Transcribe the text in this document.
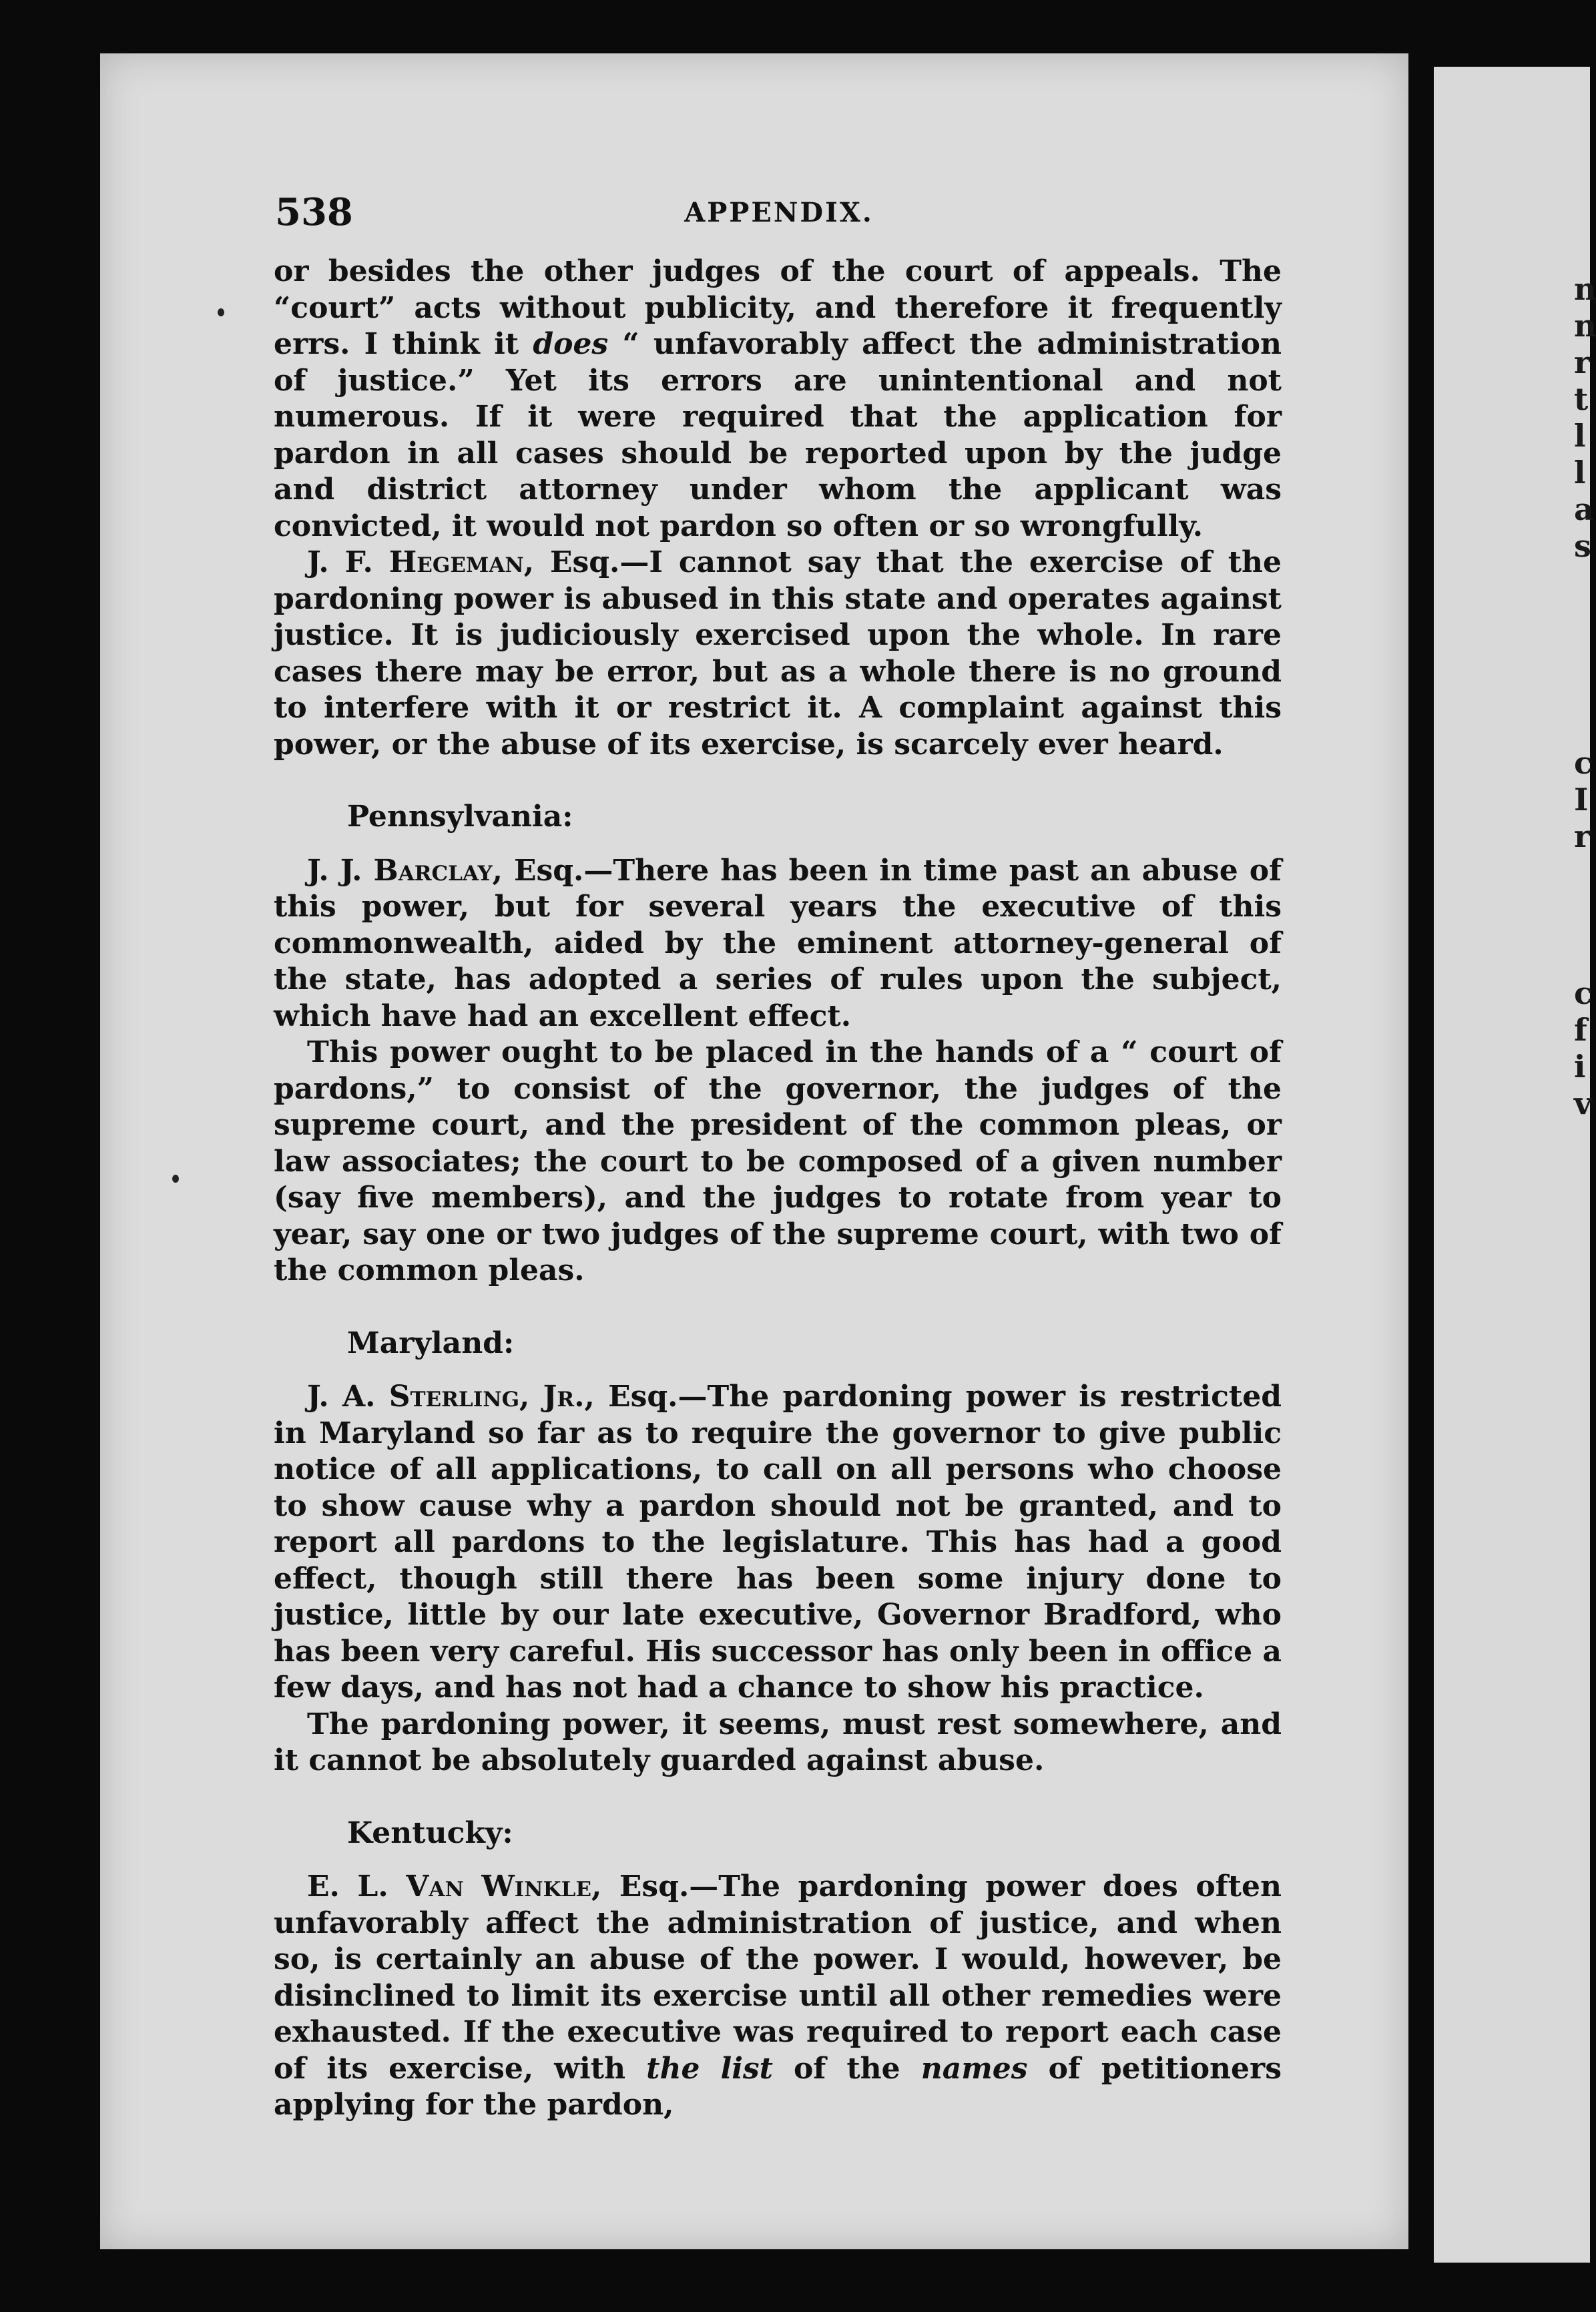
n
n
r
t
l
l
a
s
c
I
r
c
f
i
v
538	APPENDIX.

or besides the other judges of the court of appeals. The “court” acts without publicity, and therefore it frequently errs. I think it does “ unfavorably affect the administration of justice.” Yet its errors are unintentional and not numerous. If it were required that the application for pardon in all cases should be reported upon by the judge and district attorney under whom the applicant was convicted, it would not pardon so often or so wrongfully.

J. F. Hegeman, Esq.—I cannot say that the exercise of the pardoning power is abused in this state and operates against justice. It is judiciously exercised upon the whole. In rare cases there may be error, but as a whole there is no ground to interfere with it or restrict it. A complaint against this power, or the abuse of its exercise, is scarcely ever heard.

Pennsylvania:

J. J. Barclay, Esq.—There has been in time past an abuse of this power, but for several years the executive of this commonwealth, aided by the eminent attorney-general of the state, has adopted a series of rules upon the subject, which have had an excellent effect.

This power ought to be placed in the hands of a “ court of pardons,” to consist of the governor, the judges of the supreme court, and the president of the common pleas, or law associates; the court to be composed of a given number (say five members), and the judges to rotate from year to year, say one or two judges of the supreme court, with two of the common pleas.

Maryland:

J. A. Sterling, Jr., Esq.—The pardoning power is restricted in Maryland so far as to require the governor to give public notice of all applications, to call on all persons who choose to show cause why a pardon should not be granted, and to report all pardons to the legislature. This has had a good effect, though still there has been some injury done to justice, little by our late executive, Governor Bradford, who has been very careful. His successor has only been in office a few days, and has not had a chance to show his practice.

The pardoning power, it seems, must rest somewhere, and it cannot be absolutely guarded against abuse.

Kentucky:

E. L. Van Winkle, Esq.—The pardoning power does often unfavorably affect the administration of justice, and when so, is certainly an abuse of the power. I would, however, be disinclined to limit its exercise until all other remedies were exhausted. If the executive was required to report each case of its exercise, with the list of the names of petitioners applying for the pardon,
